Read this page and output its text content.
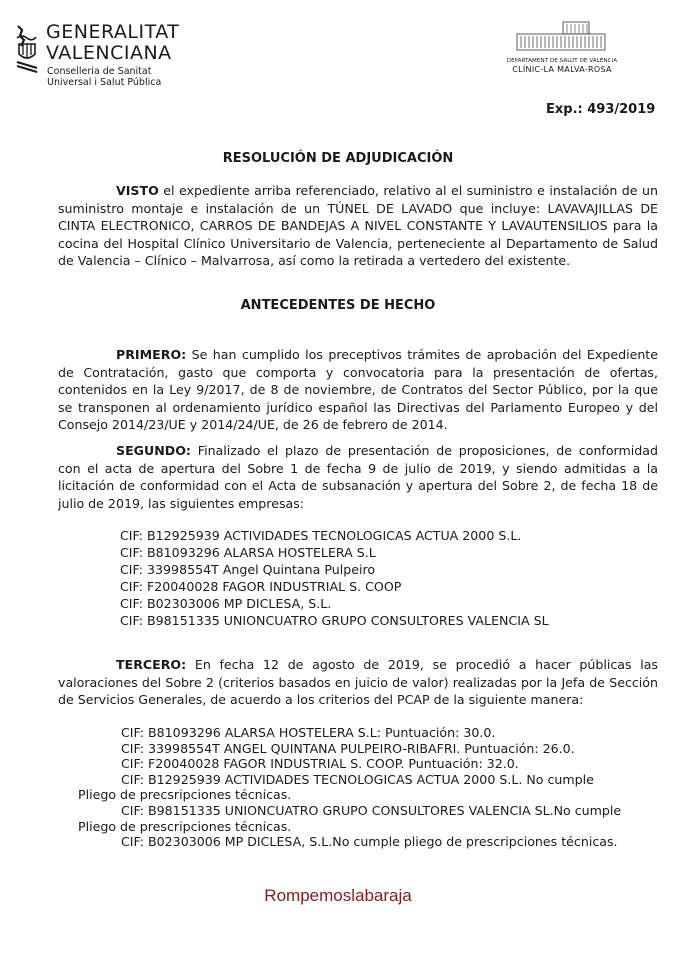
GENERALITAT
VALENCIANA
Conselleria de Sanitat
Universal i Salut Pública
DEPARTAMENT DE SALUT DE VALÈNCIA
CLÍNIC-LA MALVA-ROSA
Exp.: 493/2019
RESOLUCIÓN DE ADJUDICACIÓN
VISTO el expediente arriba referenciado, relativo al el suministro e instalación de un suministro montaje e instalación de un TÚNEL DE LAVADO que incluye: LAVAVAJILLAS DE CINTA ELECTRONICO, CARROS DE BANDEJAS A NIVEL CONSTANTE Y LAVAUTENSILIOS para la cocina del Hospital Clínico Universitario de Valencia, perteneciente al Departamento de Salud de Valencia – Clínico – Malvarrosa, así como la retirada a vertedero del existente.
ANTECEDENTES DE HECHO
PRIMERO: Se han cumplido los preceptivos trámites de aprobación del Expediente de Contratación, gasto que comporta y convocatoria para la presentación de ofertas, contenidos en la Ley 9/2017, de 8 de noviembre, de Contratos del Sector Público, por la que se transponen al ordenamiento jurídico español las Directivas del Parlamento Europeo y del Consejo 2014/23/UE y 2014/24/UE, de 26 de febrero de 2014.
SEGUNDO: Finalizado el plazo de presentación de proposiciones, de conformidad con el acta de apertura del Sobre 1 de fecha 9 de julio de 2019, y siendo admitidas a la licitación de conformidad con el Acta de subsanación y apertura del Sobre 2, de fecha 18 de julio de 2019, las siguientes empresas:
CIF: B12925939 ACTIVIDADES TECNOLOGICAS ACTUA 2000 S.L.
CIF: B81093296 ALARSA HOSTELERA S.L
CIF: 33998554T Angel Quintana Pulpeiro
CIF: F20040028 FAGOR INDUSTRIAL S. COOP
CIF: B02303006 MP DICLESA, S.L.
CIF: B98151335 UNIONCUATRO GRUPO CONSULTORES VALENCIA SL
TERCERO: En fecha 12 de agosto de 2019, se procedió a hacer públicas las valoraciones del Sobre 2 (criterios basados en juicio de valor) realizadas por la Jefa de Sección de Servicios Generales, de acuerdo a los criterios del PCAP de la siguiente manera:
CIF: B81093296 ALARSA HOSTELERA S.L: Puntuación: 30.0.
CIF: 33998554T ANGEL QUINTANA PULPEIRO-RIBAFRI. Puntuación: 26.0.
CIF: F20040028 FAGOR INDUSTRIAL S. COOP. Puntuación: 32.0.
CIF: B12925939 ACTIVIDADES TECNOLOGICAS ACTUA 2000 S.L. No cumple
Pliego de precsripciones técnicas.
CIF: B98151335 UNIONCUATRO GRUPO CONSULTORES VALENCIA SL.No cumple
Pliego de prescripciones técnicas.
CIF: B02303006 MP DICLESA, S.L.No cumple pliego de prescripciones técnicas.
Rompemoslabaraja
